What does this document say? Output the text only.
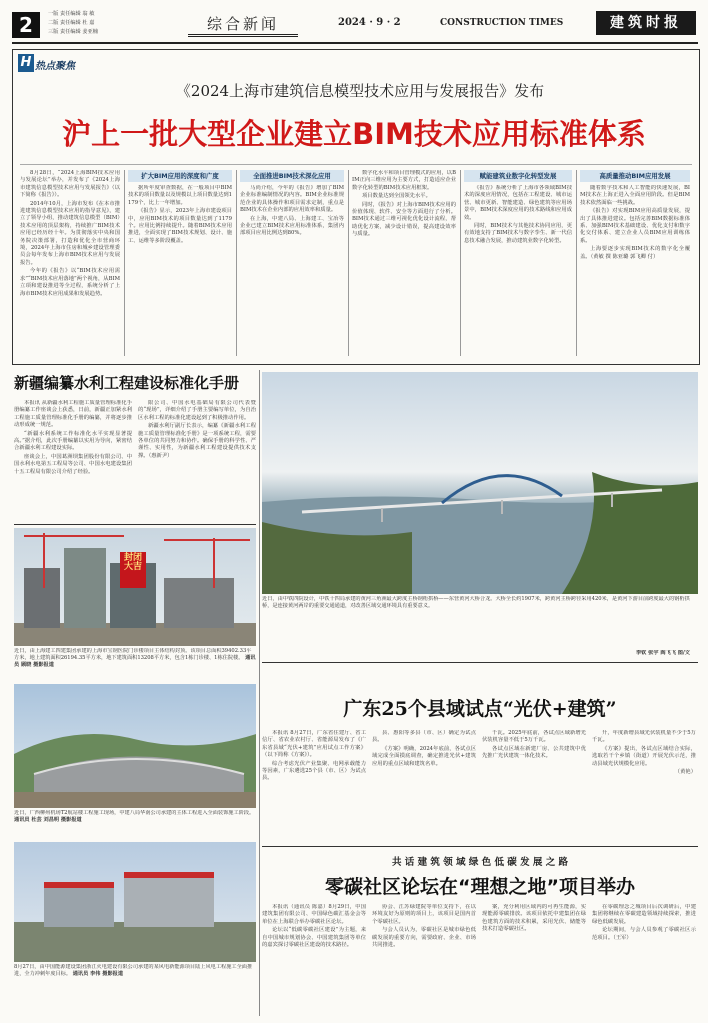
2	一版 责任编辑 翁 敏
二版 责任编辑 杜 嘉
三版 责任编辑 姜亚楠	综合新闻	2024 · 9 · 2	CONSTRUCTION TIMES	建筑时报
H 热点聚焦
《2024上海市建筑信息模型技术应用与发展报告》发布
沪上一批大型企业建立BIM技术应用标准体系

8月28日，“2024上海BIM技术应用与发展论坛”举办，并发布了《2024上海市建筑信息模型技术应用与发展报告》（以下简称《报告》）。

2014年10月，上海市发布《在本市推进建筑信息模型技术应用的指导意见》，建立了领导小组，推动建筑信息模型（BIM）技术应用的顶层架构，持续推广BIM技术应用已经历经十年。为贯彻落实中央和国务院决策部署，打造和优化全市营商环境，2024年上海市住房和城乡建设管理委员会每年发布上海市BIM技术应用与发展报告。

今年的《报告》以“BIM技术应用需求”“BIM技术应用落地”两个视角，从BIM立项和建设推进等全过程，系统分析了上海市BIM技术应用成果和发展趋势。

扩大BIM应用的深度和广度

据所年度审查数据，在一般项目中BIM技术的项目数量以及规模以上项目数量达到1179个，比上一年增加。

《报告》显示，2023年上海市建设项目中，应用BIM技术的项目数量达到了1179个。应用比例持续提升。随着BIM技术应用推进，全面实现了BIM技术规划、设计、施工、运维等多阶段覆盖。

全面推进BIM技术深化应用

马尚介绍，今年的《报告》增加了BIM企业标准编制情况的内容。BIM企业标准规范企业的具体操作和项目需求定制，重点是BIM技术在企业内部的应用效率和质量。

在上海，中建八局、上海建工、宝冶等企业已建立BIM技术应用标准体系，集团内部项目应用比例达到80%。

数字化水平和项目管理模式的应用，以BIM正向三维应用为主要方式，打造适应企业数字化转型的BIM技术应用框架。

项目数量达到全国领先水平。

同时，《报告》对上海市BIM技术应用的价值体现、软件、安全等方面进行了分析。BIM技术通过三维可视化优化设计流程，帮助优化方案，减少设计错误，提高建设效率与质量。

赋能建筑业数字化转型发展

《报告》系统分析了上海市各领域BIM技术的深度应用情况，包括在工程建设、城市运营、城市更新、智能建造、绿色建筑等应用场景中，BIM技术深度应用的技术路线和应用成效。

同时，BIM技术与其他技术协同应用，更有效地支持了BIM技术与数字孪生、新一代信息技术融合发展，推动建筑业数字化转型。

高质量推动BIM应用发展

随着数字技术和人工智能的快速发展，BIM技术在上海正进入全面应用阶段。但是BIM技术依然面临一些挑战。

《报告》对实现BIM应用高质量发展，提出了具体推进建议。包括完善BIM数据标准体系、加强BIM技术基础建设、优化支付和数字化交付体系、建立企业人员BIM应用训练体系。

上海要逐步实现BIM技术的数字化全覆盖。（黄敏 撰 陈亚璐 郭飞卿 付）

新疆编纂水利工程建设标准化手册

本报讯 从新疆水利工程施工质量管理标准化手册编纂工作座谈会上获悉，日前，新疆正加紧水利工程施工质量管理标准化手册的编纂，并将逐步推动形成统一规范。

“新疆水利系统工作标准化水平实现显著提高。”据介绍，此次手册编纂以实用为导向，紧密结合新疆水利工程建设实际。

座谈会上，中国葛洲坝集团股份有限公司、中国水利水电第五工程局等公司、中国水电建设集团十五工程局有限公司介绍了经验。

限公司、中国水电基础局有限公司代表暨的“现场”，详细介绍了手册主要编写单位，为自治区水利工程的标准化建设起到了积极推动作用。

新疆水利厅副厅长表示，编纂《新疆水利工程施工质量管理标准化手册》是一项系统工程，需要各单位的共同努力和协作。确保手册的科学性、严谨性、实用性，为新疆水利工程建设提供技术支撑。（惠新尹）

封闭大吉
近日，由上海建工四建集团承建的上海市宝钢医院门诊楼项目主体结构封顶。该项目总面积39402.33平方米，地上建筑面积26194.35平方米，地下建筑面积13208平方米，包含1栋门诊楼、1栋住院楼。 通讯员 顾晓 摄影报道
近日，广西柳州机场T2航站楼工程施工现场，中建八局华南公司承建的主体工程进入全面装饰施工阶段。 通讯员 杜芸 刘昌明 摄影报道
8月27日，由中国能源建设集团浙江火电建设有限公司承建的某风电新能源项目陆上风电工程施工全面推进，全力冲刺年度目标。 通讯员 李伟 摄影报道
近日，由中铁四院设计，中铁十四局承建的黄河三角洲最大跨度主桥钢桁拱桥——东营黄河大桥合龙。大桥全长约1907米，跨黄河主桥跨径采用420米，是黄河下游目前跨度最大的钢桁拱桥，是连接黄河两岸的重要交通通道，对改善区域交通环境具有重要意义。
李钦 张宇 阎飞飞 图/文
广东25个县域试点“光伏+建筑”

本报讯 8月27日，广东省住建厅、省工信厅、省农业农村厅、省能源局发布了《广东省县域“光伏+建筑”应用试点工作方案》（以下简称《方案》）。

综合考虑光伏产业集聚、电网承载能力等因素，广东遴选25个县（市、区）为试点县。

县、惠阳等多县（市、区）确定为试点县。

《方案》明确，2024年底前，各试点区域完成全面摸底调查，确定推进光伏+建筑应用的重点区域和建筑名单。

千瓦。2025年底前，各试点区域新增光伏装机容量不低于5万千瓦。

各试点区域在新建厂房、公共建筑中优先推广光伏建筑一体化技术。

升，年度新增县域光伏装机量不少于5万千瓦。

《方案》提出，各试点区域结合实际，选取若干个乡镇（街道）开展光伏示范，推动县域光伏规模化应用。

（黄艳）

共 话 建 筑 领 域 绿 色 低 碳 发 展 之 路
零碳社区论坛在“理想之地”项目举办

本报讯（通讯员 陈嘉）8月29日，中国建筑集团有限公司、中国绿色碳汇基金会等单位在上海联合举办零碳社区论坛。

论坛以“低碳零碳社区建设”为主题，来自中国城市规划协会、中国建筑集团等单位的嘉宾探讨零碳社区建设的技术路径。

协会、江苏绿建院等单位支持下，在以环境友好为原则的项目上，该项目是国内首个零碳社区。

与会人员认为，零碳社区是城市绿色低碳发展的重要方向，需要政府、企业、市场共同推进。

案，充分利用区域内的可再生能源，实现能源零碳排放。该项目依托中建集团在绿色建筑方面的技术积累，采用光伏、储能等技术打造零碳社区。

在零碳理念之城项目后次调研后，中建集团将继续在零碳建造领域持续探索，推进绿色低碳发展。

论坛期间，与会人员参观了零碳社区示范项目。（王军）
